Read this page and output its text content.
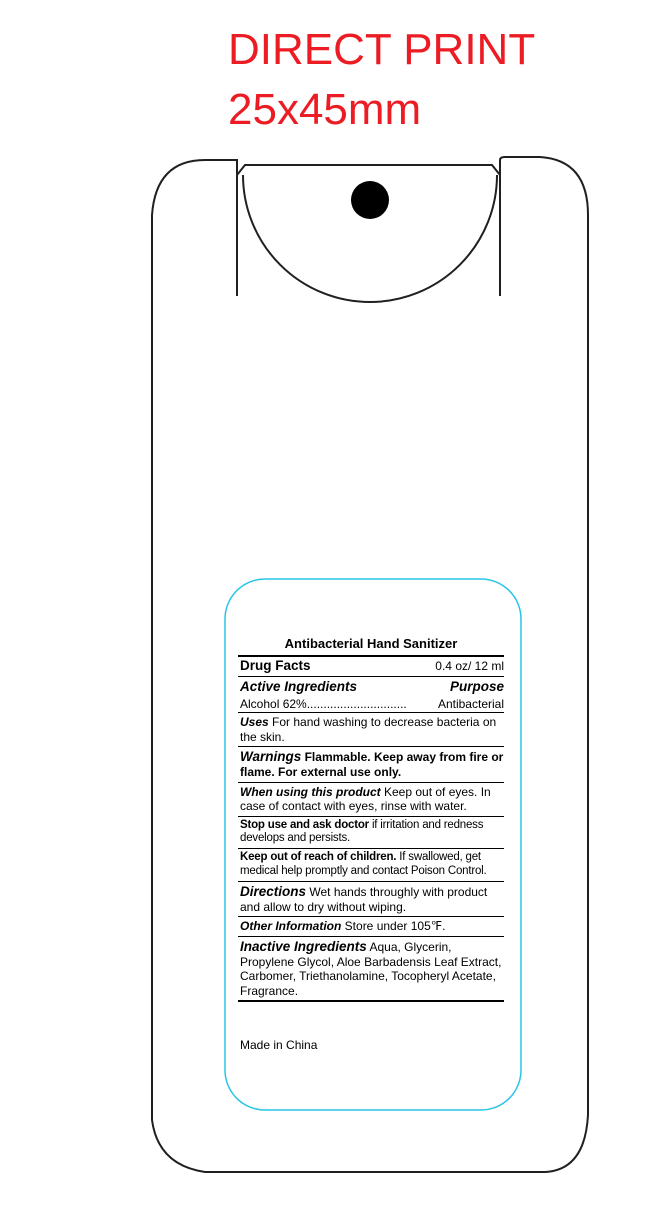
DIRECT PRINT
25x45mm
Antibacterial Hand Sanitizer
Drug Facts	0.4 oz/ 12 ml
Active Ingredients	Purpose
Alcohol 62% ..............................	Antibacterial
Uses For hand washing to decrease bacteria on the skin.
Warnings Flammable. Keep away from fire or flame. For external use only.
When using this product Keep out of eyes. In case of contact with eyes, rinse with water.
Stop use and ask doctor if irritation and redness develops and persists.
Keep out of reach of children. If swallowed, get medical help promptly and contact Poison Control.
Directions Wet hands throughly with product and allow to dry without wiping.
Other Information Store under 105℉.
Inactive Ingredients Aqua, Glycerin, Propylene Glycol, Aloe Barbadensis Leaf Extract, Carbomer, Triethanolamine, Tocopheryl Acetate, Fragrance.
Made in China
